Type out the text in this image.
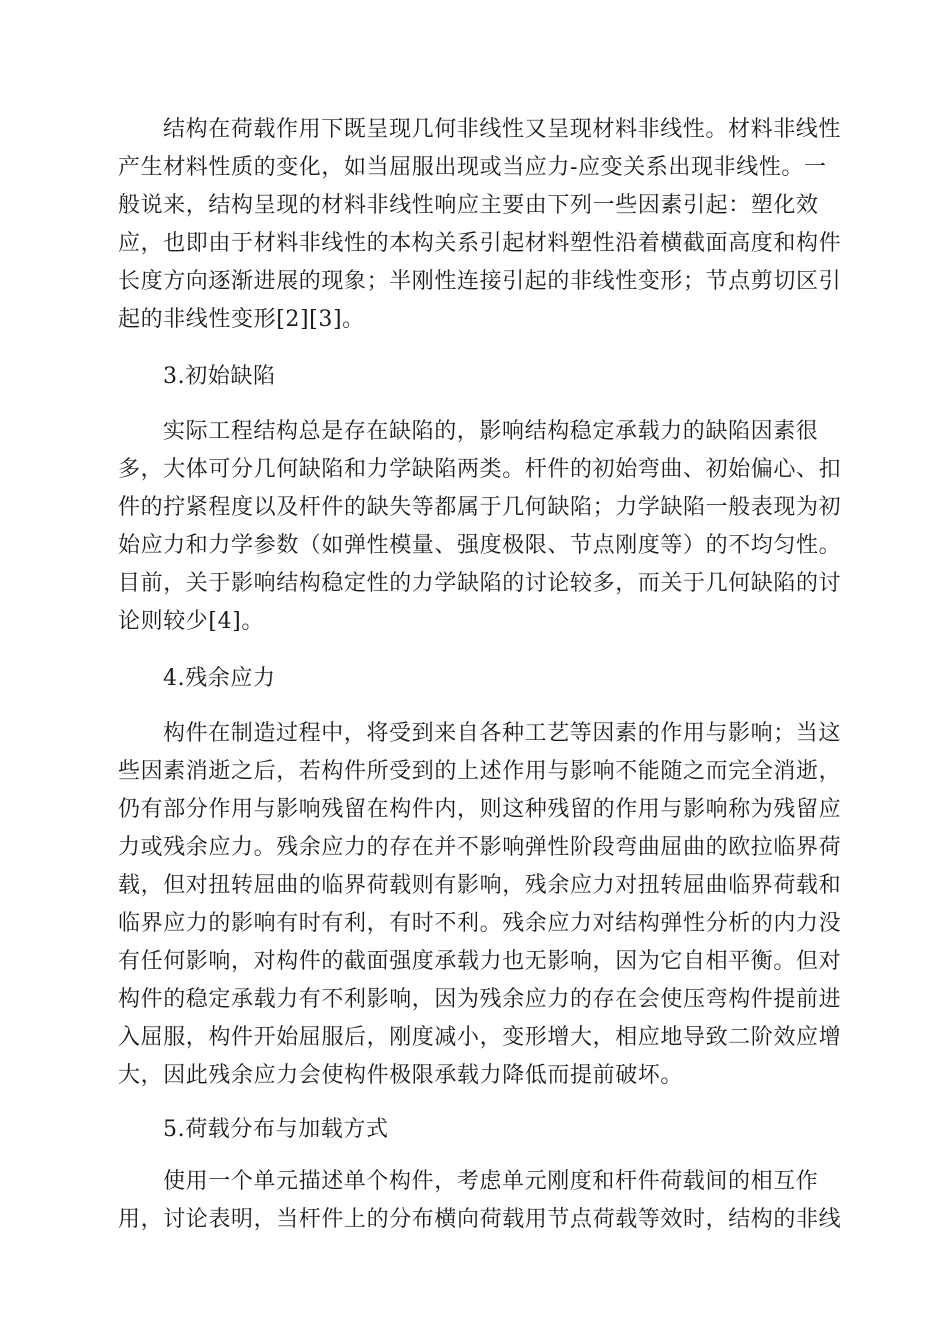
结构在荷载作用下既呈现几何非线性又呈现材料非线性。材料非线性

产生材料性质的变化，如当屈服出现或当应力-应变关系出现非线性。一

般说来，结构呈现的材料非线性响应主要由下列一些因素引起：塑化效

应，也即由于材料非线性的本构关系引起材料塑性沿着横截面高度和构件

长度方向逐渐进展的现象；半刚性连接引起的非线性变形；节点剪切区引

起的非线性变形[2][3]。

3.初始缺陷

实际工程结构总是存在缺陷的，影响结构稳定承载力的缺陷因素很

多，大体可分几何缺陷和力学缺陷两类。杆件的初始弯曲、初始偏心、扣

件的拧紧程度以及杆件的缺失等都属于几何缺陷；力学缺陷一般表现为初

始应力和力学参数（如弹性模量、强度极限、节点刚度等）的不均匀性。

目前，关于影响结构稳定性的力学缺陷的讨论较多，而关于几何缺陷的讨

论则较少[4]。

4.残余应力

构件在制造过程中，将受到来自各种工艺等因素的作用与影响；当这

些因素消逝之后，若构件所受到的上述作用与影响不能随之而完全消逝，

仍有部分作用与影响残留在构件内，则这种残留的作用与影响称为残留应

力或残余应力。残余应力的存在并不影响弹性阶段弯曲屈曲的欧拉临界荷

载，但对扭转屈曲的临界荷载则有影响，残余应力对扭转屈曲临界荷载和

临界应力的影响有时有利，有时不利。残余应力对结构弹性分析的内力没

有任何影响，对构件的截面强度承载力也无影响，因为它自相平衡。但对

构件的稳定承载力有不利影响，因为残余应力的存在会使压弯构件提前进

入屈服，构件开始屈服后，刚度减小，变形增大，相应地导致二阶效应增

大，因此残余应力会使构件极限承载力降低而提前破坏。

5.荷载分布与加载方式

使用一个单元描述单个构件，考虑单元刚度和杆件荷载间的相互作

用，讨论表明，当杆件上的分布横向荷载用节点荷载等效时，结构的非线
